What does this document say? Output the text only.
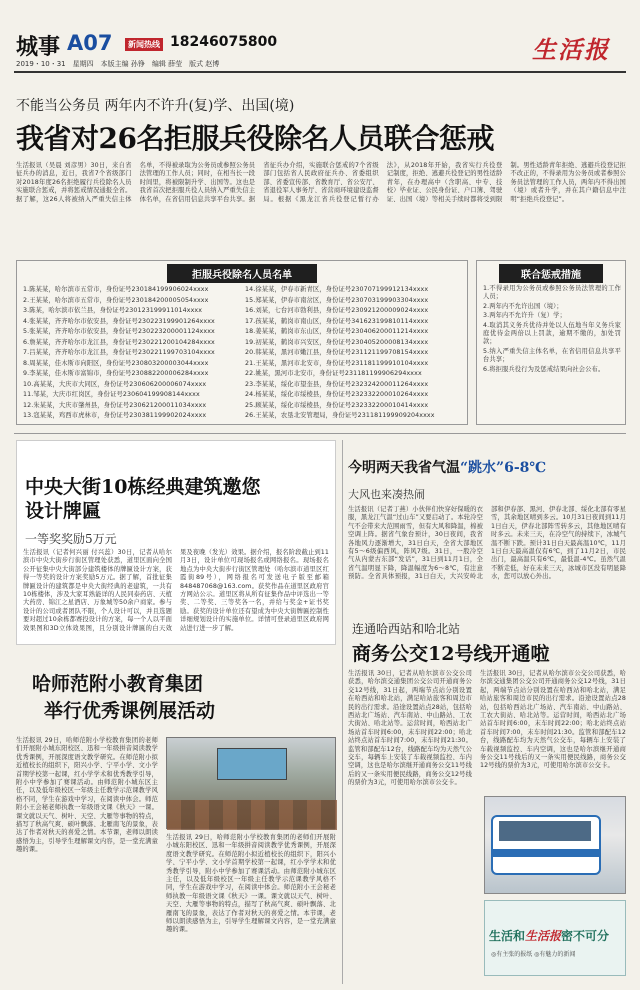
城事 A07	新闻热线 18246075800
2019・10・31　星期四　本版主编 孙铮　编辑 薛莹　版式 赵博	生活报
不能当公务员 两年内不许升(复)学、出国(境)
我省对26名拒服兵役除名人员联合惩戒
生活报讯（吴晨 刘彦男）30日，来自省征兵办的消息，近日，我省7个省级部门对2018年度26名拒绝履行兵役除名人员实施联合惩戒，并将惩戒情况通报全省。据了解，这26人将被纳入严重失信主体名单，不得被录取为公务员或参照公务员法管理的工作人员；同时，在相当长一段时间里，将被限制升学、出国等。这也是我省首次把拒服兵役人员纳入严重失信主体名单，在省信用信息共享平台共享。据省征兵办介绍，实施联合惩戒的7个省级部门包括省人民政府征兵办、省委组织部、省委宣传部、省教育厅、省公安厅、省退役军人事务厅、省营商环境建设监督局。根据《黑龙江省兵役登记暂行办法》，从2018年开始，我省实行兵役登记制度，拒绝、逃避兵役登记的男性适龄青年，在办理高中（含职高、中专、技校）毕业证、公民身份证、户口簿、驾驶证、出国（境）等相关手续时都将受到限制。男性适龄青年拒绝、逃避兵役登记拒不改正的，不得录用为公务员或者参照公务员法管理的工作人员，两年内不得出国（境）或者升学，并在其户籍信息中注明“拒绝兵役登记”。
拒服兵役除名人员名单
1.陈某某，哈尔滨市五常市，身份证号230184199906024xxxx
2.王某某，哈尔滨市五常市，身份证号230184200005054xxxx
3.陈某，哈尔滨市依兰县，身份证号230123199911014xxxx
4.张某某，齐齐哈尔市依安县，身份证号230223199901264xxxx
5.张某某，齐齐哈尔市依安县，身份证号230223200001124xxxx
6.詹某某，齐齐哈尔市龙江县，身份证号230221200104284xxxx
7.吕某某，齐齐哈尔市龙江县，身份证号230221199703104xxxx
8.周某某，佳木斯市向阳区，身份证号230803200003044xxxx
9.李某某，佳木斯市富锦市，身份证号230882200006284xxxx
10.高某某，大庆市大同区，身份证号230606200006074xxxx
11.邹某，大庆市红岗区，身份证号230604199908144xxxx
12.朱某某，大庆市肇州县，身份证号230621200011034xxxx
13.寇某某，鸡西市虎林市，身份证号230381199902024xxxx
14.徐某某，伊春市新青区，身份证号230707199912134xxxx
15.郑某某，伊春市南岔区，身份证号230703199903304xxxx
16.刘某，七台河市勃利县，身份证号230921200009024xxxx
17.孩某某，鹤岗市南山区，身份证号341623199810114xxxx
18.姜某某，鹤岗市东山区，身份证号230406200011214xxxx
19.初某某，鹤岗市兴安区，身份证号230405200008134xxxx
20.韩某某，黑河市嫩江县，身份证号231121199708154xxxx
21.王某某，黑河市北安市，身份证号231181199910104xxxx
22.姚某，黑河市北安市，身份证号231181199906294xxxx
23.李某某，绥化市望奎县，身份证号232324200011264xxxx
24.杨某某，绥化市绥棱县，身份证号232332200010264xxxx
25.顾某某，绥化市绥棱县，身份证号232332200010414xxxx
26.王某某，农垦北安管理局，身份证号231181199909204xxxx
联合惩戒措施
1.不得录用为公务员或参照公务员法管理的工作人员；
2.两年内不允许出国（境）；
3.两年内不允许升（复）学；
4.取消其义务兵优待并处以人伍地当年义务兵家庭优待金两倍以上罚款，逾期不缴的，加处罚款；
5.纳入严重失信主体名单，在省信用信息共享平台共享；
6.将拒服兵役行为及惩戒结果向社会公布。
中央大街10栋经典建筑邀您设计牌匾
一等奖奖励5万元
生活报讯（记者何兴丽 付兴蕊）30日，记者从哈尔滨市中央大街步行街区管理处获悉，道里区面向全国公开征集中央大街部分建筑楼体的牌匾设计方案，获得一等奖的设计方案奖励5万元。据了解，首批征集牌匾设计的建筑都是中央大街经典的老建筑，一共有10栋楼体，涉及大家耳熟能详的人民同泰药店、天植大药房、锦江之星酒店、万象城等50余户商家。参与设计的公司或者团队不限，个人设计可以，并且选题要对超过10余栋都赛投设计的方案，每一个人以平面效果图和3D立体效果图，且分别设计牌匾的白天效果及夜晚（发光）效果。据介绍，报名阶段截止到11月3日，设计单位可现场报名或网络报名。现场报名地点为中央大街步行街区管理处（哈尔滨市道里区红霞街89号），网络报名可发送电子版至邮箱848487068@163.com。获奖作品在道里区政府官方网站公示。道里区将从所有征集作品中评选出一等奖、二等奖、三等奖各一名，并给与奖金+证书奖励。获奖的设计单位还有望成为中央大街牌匾控制性详细规划设计的实施单位。详情可登录道里区政府网站进行进一步了解。
哈师范附小教育集团
举行优秀课例展活动
生活报讯 29日，哈师范附小学校教育集团的老师们开展附小城东阳校区、迅和一年级拼音阅读教学优秀课例，开展深度语文教学研究。在师范附小拟近植校长的组织下，阳兴小学、宁平小学、文小学首期学校第一起课，红小学学术和优秀教学引导，附小中学参加了赛课活动。由师范附小城东区主任，以及低年级校区一年级主任教学示范课教学风格不同，学生在游戏中学习，在阅读中体会。师范附小王会秘老师执教一年级语文课《秋天》一课。课文就以天气、树叶、天空、大雁等事物的特点，描写了秋高气爽、硕叶飘落、北雁南飞的景象，表达了作者对秋天的喜爱之情。本节课，老师以朗读感悟为主，引导学生理解课文内容，是一堂充满童趣的课。
生活报讯 29日，哈师范附小学校教育集团的老师们开展附小城东阳校区、迅和一年级拼音阅读教学优秀课例，开展深度语文教学研究。在师范附小拟近植校长的组织下，阳兴小学、宁平小学、文小学首期学校第一起课，红小学学术和优秀教学引导，附小中学参加了赛课活动。由师范附小城东区主任，以及低年级校区一年级主任教学示范课教学风格不同，学生在游戏中学习，在阅读中体会。师范附小王会秘老师执教一年级语文课《秋天》一课。课文就以天气、树叶、天空、大雁等事物的特点，描写了秋高气爽、硕叶飘落、北雁南飞的景象，表达了作者对秋天的喜爱之情。本节课，老师以朗读感悟为主，引导学生理解课文内容，是一堂充满童趣的课。
今明两天我省气温“跳水”6-8℃
大风也来凑热闹
生活报讯（记者丁燕）小伙伴们快穿好保暖的衣服，黑龙江气温“过山车”又要启动了。本轮冷空气不会带来大范围雨雪，但有大风和降温，棉被空调上阵。据省气象台预计，30日夜间，我省各地风力逐渐增大，31日白天，全省大部地区有5～6级偏西风，阵风7级。31日，一股冷空气从内蒙古东部“发话”，31日到11月1日，全省气温明显下降，降温幅度为6～8℃，有注意预防。全省具体预报，31日白天，大兴安岭北部和伊春部、黑河、伊春北部、绥化北部有零星雪，其余地区晴到多云。10月31日夜间到11月1日白天，伊春北部阵雪转多云，其他地区晴有时多云。未来三天，在冷空气的持续下，冰城气温不断下跌。预计31日白天最高温10℃，11月1日白天最高温仅有6℃，到了11月2日，市民出门，最高温只有6℃，最低温-4℃。虽然气温不断走低，好在未来三天，冰城市区没有明显降水，您可以放心外出。
连通哈西站和哈北站
商务公交12号线开通啦
生活报讯 30日，记者从哈尔滨市公交公司获悉，哈尔滨交通集团公交公司开通商务公交12号线，31日起，两端节点站分别设置在哈西站和哈北站，满足哈站旅客和周边市民的出行需求。沿途设置站点28站，包括哈西站北广场站、汽车南站、中山路站、工农大街站、哈北站等。运营时间，哈西站北广场站首车时间6:00，末车时间22:00；哈北站终点站首车时间7:00，末车时间21:30。监管和部配车12台，线路配车均为天然气公交车，每辆车上安装了车载视频监控、车内空调，这也是哈尔滨继开通商务公交11号线后的又一条实用便民线路，商务公交12号线的票价为3元，可使用哈尔滨市公交卡。
生活报讯 30日，记者从哈尔滨市公交公司获悉，哈尔滨交通集团公交公司开通商务公交12号线，31日起，两端节点站分别设置在哈西站和哈北站，满足哈站旅客和周边市民的出行需求。沿途设置站点28站，包括哈西站北广场站、汽车南站、中山路站、工农大街站、哈北站等。运营时间，哈西站北广场站首车时间6:00，末车时间22:00；哈北站终点站首车时间7:00，末车时间21:30。监管和部配车12台，线路配车均为天然气公交车，每辆车上安装了车载视频监控、车内空调，这也是哈尔滨继开通商务公交11号线后的又一条实用便民线路，商务公交12号线的票价为3元，可使用哈尔滨市公交卡。
生活和生活报密不可分
◎有主张的报纸 ◎有魅力的新闻
